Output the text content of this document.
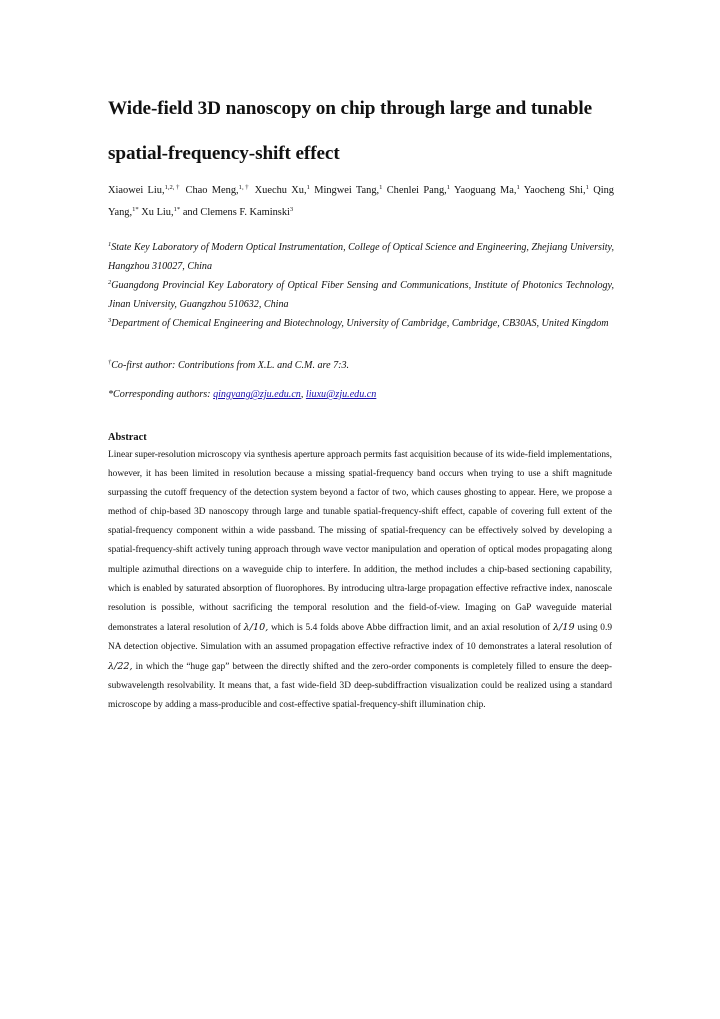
Wide-field 3D nanoscopy on chip through large and tunable spatial-frequency-shift effect
Xiaowei Liu,$^{1,2,\dagger}$ Chao Meng,$^{1,\dagger}$ Xuechu Xu,$^1$ Mingwei Tang,$^1$ Chenlei Pang,$^1$ Yaoguang Ma,$^1$ Yaocheng Shi,$^1$ Qing Yang,$^{1*}$ Xu Liu,$^{1*}$ and Clemens F. Kaminski$^3$
$^1$State Key Laboratory of Modern Optical Instrumentation, College of Optical Science and Engineering, Zhejiang University, Hangzhou 310027, China
$^2$Guangdong Provincial Key Laboratory of Optical Fiber Sensing and Communications, Institute of Photonics Technology, Jinan University, Guangzhou 510632, China
$^3$Department of Chemical Engineering and Biotechnology, University of Cambridge, Cambridge, CB30AS, United Kingdom
†Co-first author: Contributions from X.L. and C.M. are 7:3.
*Corresponding authors: qingyang@zju.edu.cn, liuxu@zju.edu.cn
Abstract
Linear super-resolution microscopy via synthesis aperture approach permits fast acquisition because of its wide-field implementations, however, it has been limited in resolution because a missing spatial-frequency band occurs when trying to use a shift magnitude surpassing the cutoff frequency of the detection system beyond a factor of two, which causes ghosting to appear. Here, we propose a method of chip-based 3D nanoscopy through large and tunable spatial-frequency-shift effect, capable of covering full extent of the spatial-frequency component within a wide passband. The missing of spatial-frequency can be effectively solved by developing a spatial-frequency-shift actively tuning approach through wave vector manipulation and operation of optical modes propagating along multiple azimuthal directions on a waveguide chip to interfere. In addition, the method includes a chip-based sectioning capability, which is enabled by saturated absorption of fluorophores. By introducing ultra-large propagation effective refractive index, nanoscale resolution is possible, without sacrificing the temporal resolution and the field-of-view. Imaging on GaP waveguide material demonstrates a lateral resolution of λ/10, which is 5.4 folds above Abbe diffraction limit, and an axial resolution of λ/19 using 0.9 NA detection objective. Simulation with an assumed propagation effective refractive index of 10 demonstrates a lateral resolution of λ/22, in which the “huge gap” between the directly shifted and the zero-order components is completely filled to ensure the deep-subwavelength resolvability. It means that, a fast wide-field 3D deep-subdiffraction visualization could be realized using a standard microscope by adding a mass-producible and cost-effective spatial-frequency-shift illumination chip.
